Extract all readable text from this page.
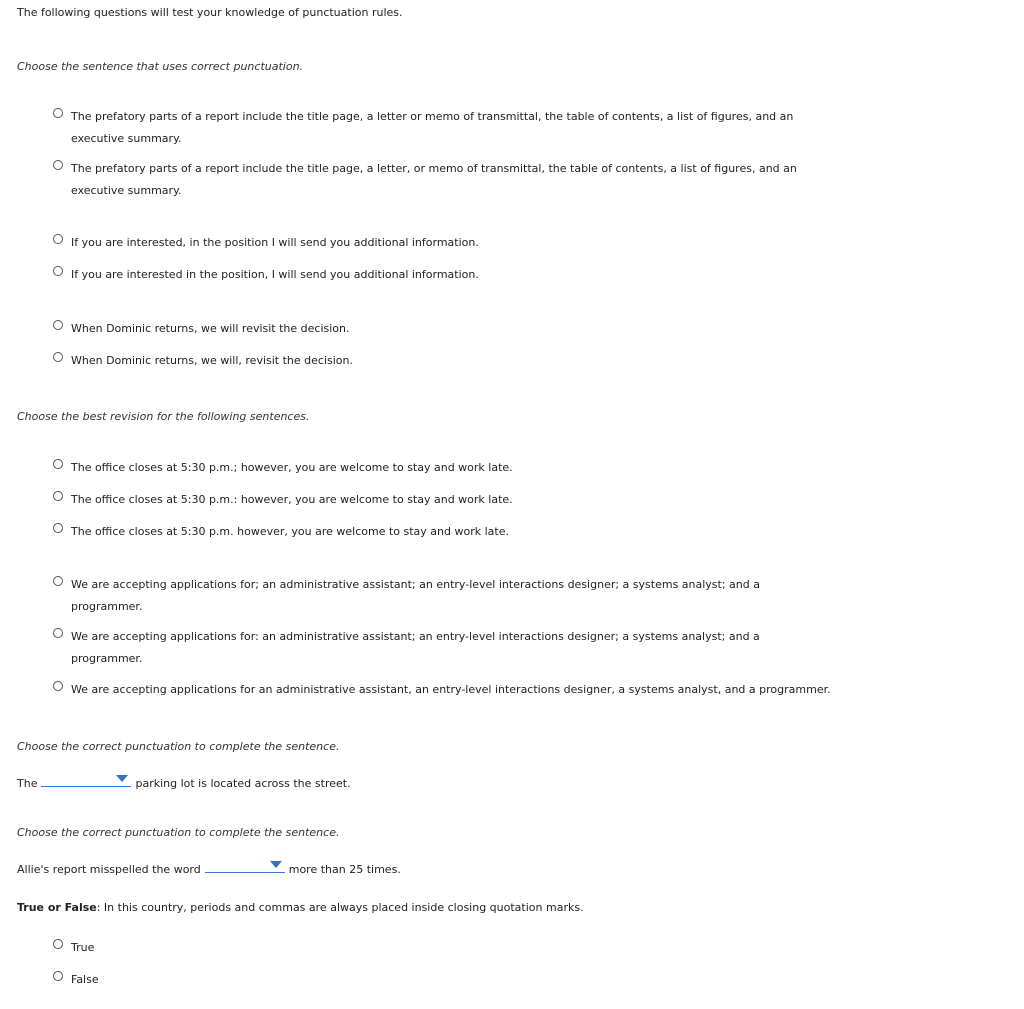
The following questions will test your knowledge of punctuation rules.
Choose the sentence that uses correct punctuation.
The prefatory parts of a report include the title page, a letter or memo of transmittal, the table of contents, a list of figures, and an executive summary.
The prefatory parts of a report include the title page, a letter, or memo of transmittal, the table of contents, a list of figures, and an executive summary.
If you are interested, in the position I will send you additional information.
If you are interested in the position, I will send you additional information.
When Dominic returns, we will revisit the decision.
When Dominic returns, we will, revisit the decision.
Choose the best revision for the following sentences.
The office closes at 5:30 p.m.; however, you are welcome to stay and work late.
The office closes at 5:30 p.m.: however, you are welcome to stay and work late.
The office closes at 5:30 p.m. however, you are welcome to stay and work late.
We are accepting applications for; an administrative assistant; an entry-level interactions designer; a systems analyst; and a programmer.
We are accepting applications for: an administrative assistant; an entry-level interactions designer; a systems analyst; and a programmer.
We are accepting applications for an administrative assistant, an entry-level interactions designer, a systems analyst, and a programmer.
Choose the correct punctuation to complete the sentence.
The	parking lot is located across the street.
Choose the correct punctuation to complete the sentence.
Allie's report misspelled the word	more than 25 times.
True or False: In this country, periods and commas are always placed inside closing quotation marks.
True
False
